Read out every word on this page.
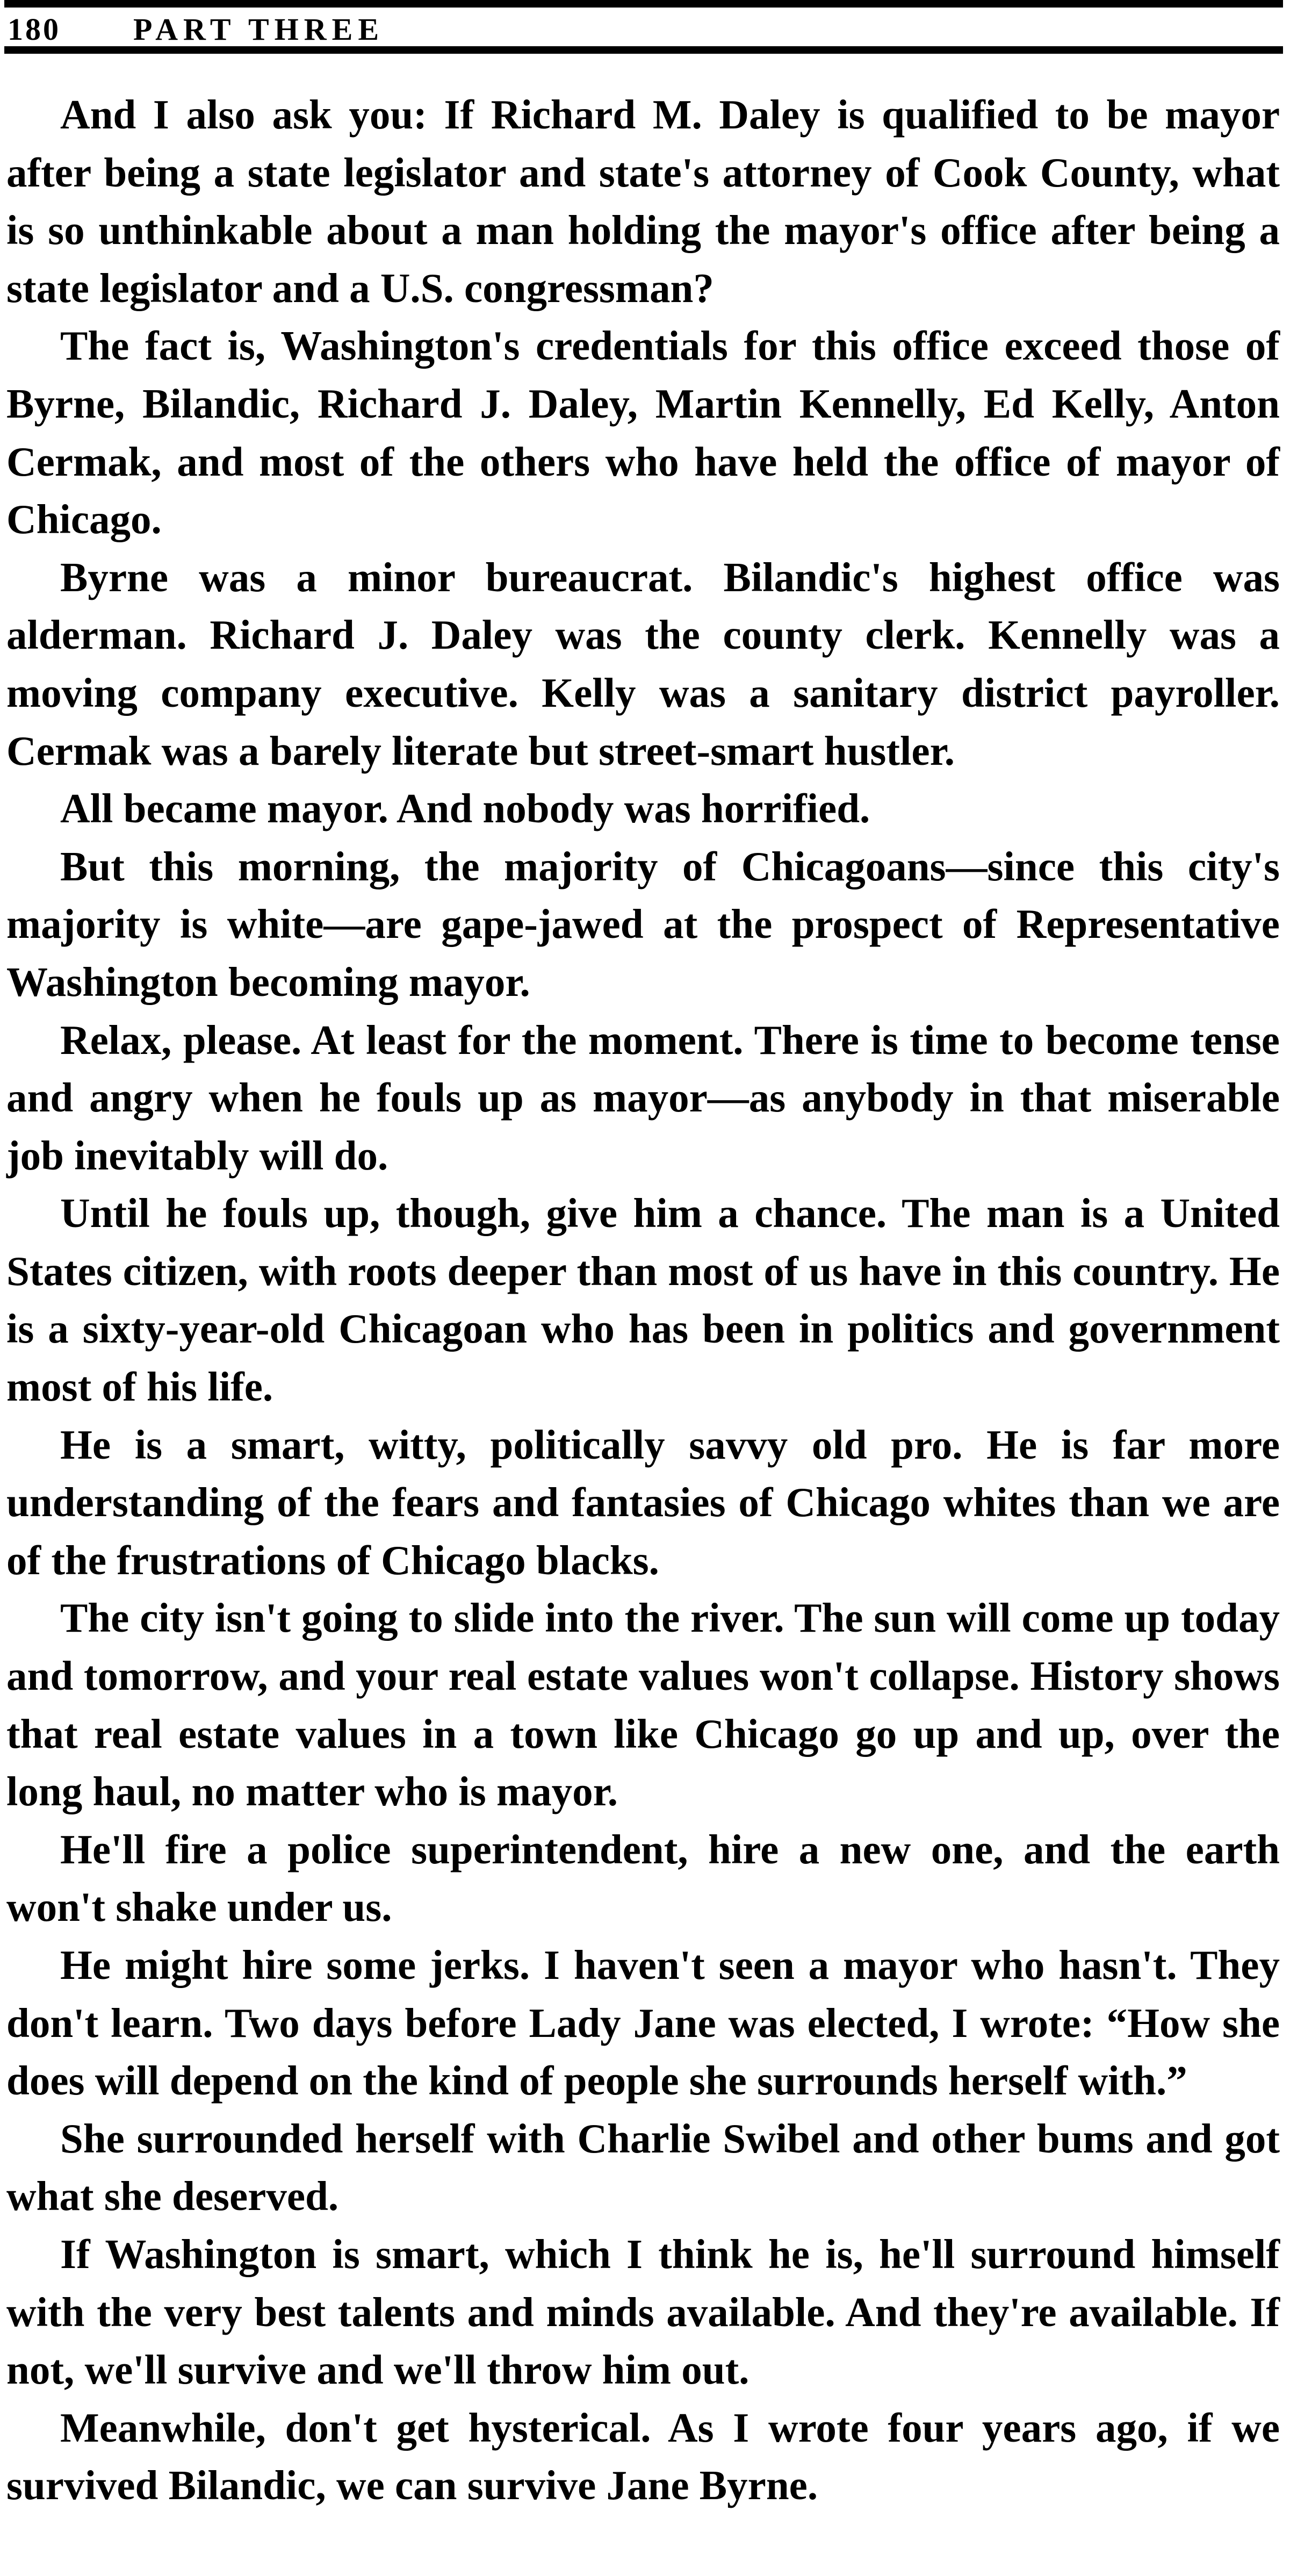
180 PART THREE

And I also ask you: If Richard M. Daley is qualified to be mayor after being a state legislator and state's attorney of Cook County, what is so unthinkable about a man holding the mayor's office after being a state legislator and a U.S. congressman?

The fact is, Washington's credentials for this office exceed those of Byrne, Bilandic, Richard J. Daley, Martin Kennelly, Ed Kelly, Anton Cermak, and most of the others who have held the office of mayor of Chicago.

Byrne was a minor bureaucrat. Bilandic's highest office was alderman. Richard J. Daley was the county clerk. Kennelly was a moving company executive. Kelly was a sanitary district payroller. Cermak was a barely literate but street-smart hustler.

All became mayor. And nobody was horrified.

But this morning, the majority of Chicagoans—since this city's majority is white—are gape-jawed at the prospect of Representative Washington becoming mayor.

Relax, please. At least for the moment. There is time to become tense and angry when he fouls up as mayor—as anybody in that miserable job inevitably will do.

Until he fouls up, though, give him a chance. The man is a United States citizen, with roots deeper than most of us have in this country. He is a sixty-year-old Chicagoan who has been in politics and government most of his life.

He is a smart, witty, politically savvy old pro. He is far more understanding of the fears and fantasies of Chicago whites than we are of the frustrations of Chicago blacks.

The city isn't going to slide into the river. The sun will come up today and tomorrow, and your real estate values won't collapse. History shows that real estate values in a town like Chicago go up and up, over the long haul, no matter who is mayor.

He'll fire a police superintendent, hire a new one, and the earth won't shake under us.

He might hire some jerks. I haven't seen a mayor who hasn't. They don't learn. Two days before Lady Jane was elected, I wrote: “How she does will depend on the kind of people she surrounds herself with.”

She surrounded herself with Charlie Swibel and other bums and got what she deserved.

If Washington is smart, which I think he is, he'll surround himself with the very best talents and minds available. And they're available. If not, we'll survive and we'll throw him out.

Meanwhile, don't get hysterical. As I wrote four years ago, if we survived Bilandic, we can survive Jane Byrne.
